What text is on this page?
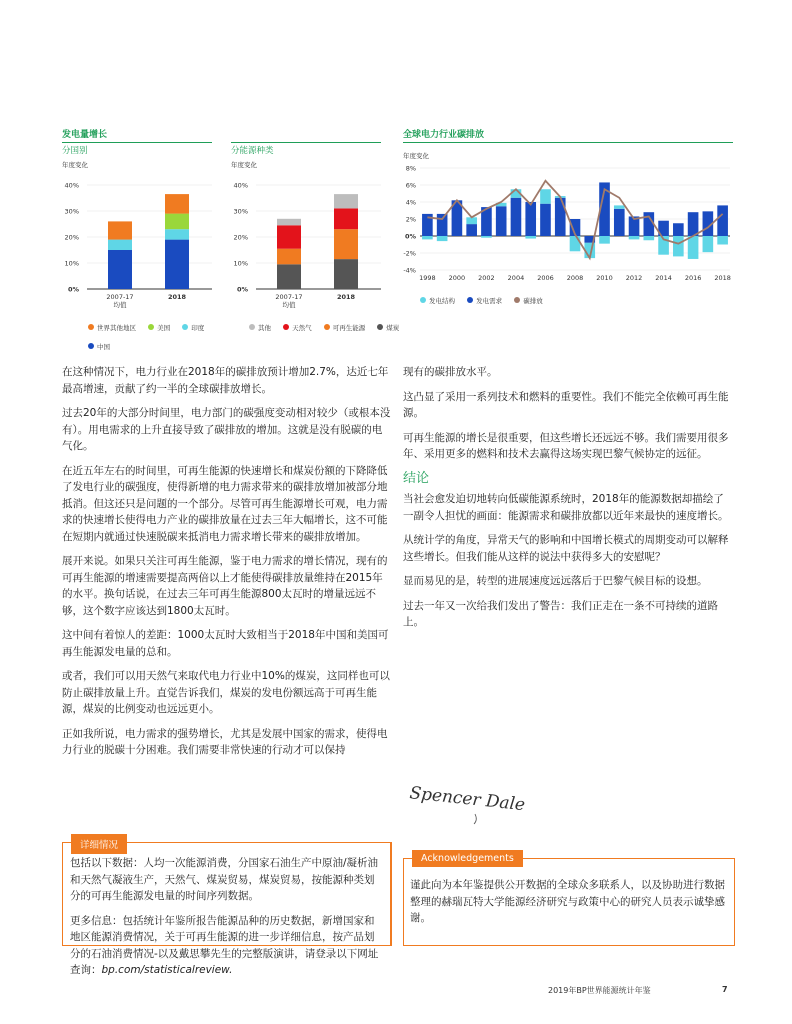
发电量增长
分国别
年度变化
分能源种类
年度变化
0%
10%
20%
30%
40%
2007-17
均值
2018
0%
10%
20%
30%
40%
2007-17
均值
2018
世界其他地区
	美国
	印度

中国
其他
	天然气
	可再生能源
	煤炭
全球电力行业碳排放
年度变化
-4%
-2%
0%
2%
4%
6%
8%
1998 2000 2002 2004 2006 2008 2010 2012 2014 2016 2018
发电结构
	发电需求
	碳排放

在这种情况下，电力行业在2018年的碳排放预计增加2.7%，达近七年最高增速，贡献了约一半的全球碳排放增长。

过去20年的大部分时间里，电力部门的碳强度变动相对较少（或根本没有）。用电需求的上升直接导致了碳排放的增加。这就是没有脱碳的电气化。

在近五年左右的时间里，可再生能源的快速增长和煤炭份额的下降降低了发电行业的碳强度，使得新增的电力需求带来的碳排放增加被部分地抵消。但这还只是问题的一个部分。尽管可再生能源增长可观，电力需求的快速增长使得电力产业的碳排放量在过去三年大幅增长，这不可能在短期内就通过快速脱碳来抵消电力需求增长带来的碳排放增加。

展开来说。如果只关注可再生能源，鉴于电力需求的增长情况，现有的可再生能源的增速需要提高两倍以上才能使得碳排放量维持在2015年的水平。换句话说，在过去三年可再生能源800太瓦时的增量远远不够，这个数字应该达到1800太瓦时。

这中间有着惊人的差距：1000太瓦时大致相当于2018年中国和美国可再生能源发电量的总和。

或者，我们可以用天然气来取代电力行业中10%的煤炭，这同样也可以防止碳排放量上升。直觉告诉我们，煤炭的发电份额远高于可再生能源，煤炭的比例变动也远远更小。

正如我所说，电力需求的强势增长，尤其是发展中国家的需求，使得电力行业的脱碳十分困难。我们需要非常快速的行动才可以保持

现有的碳排放水平。

这凸显了采用一系列技术和燃料的重要性。我们不能完全依赖可再生能源。

可再生能源的增长是很重要，但这些增长还远远不够。我们需要用很多年、采用更多的燃料和技术去赢得这场实现巴黎气候协定的远征。

结论

当社会愈发迫切地转向低碳能源系统时，2018年的能源数据却描绘了一副令人担忧的画面：能源需求和碳排放都以近年来最快的速度增长。

从统计学的角度，异常天气的影响和中国增长模式的周期变动可以解释这些增长。但我们能从这样的说法中获得多大的安慰呢？

显而易见的是，转型的进展速度远远落后于巴黎气候目标的设想。

过去一年又一次给我们发出了警告：我们正走在一条不可持续的道路上。

Spencer Dale
详细情况

包括以下数据：人均一次能源消费，分国家石油生产中原油/凝析油和天然气凝液生产，天然气、煤炭贸易，煤炭贸易，按能源种类划分的可再生能源发电量的时间序列数据。

更多信息：包括统计年鉴所报告能源品种的历史数据，新增国家和地区能源消费情况，关于可再生能源的进一步详细信息，按产品划分的石油消费情况-以及戴思攀先生的完整版演讲，请登录以下网址查询：bp.com/statisticalreview.

Acknowledgements
谨此向为本年鉴提供公开数据的全球众多联系人，以及协助进行数据整理的赫瑞瓦特大学能源经济研究与政策中心的研究人员表示诚挚感谢。
2019年BP世界能源统计年鉴	7
